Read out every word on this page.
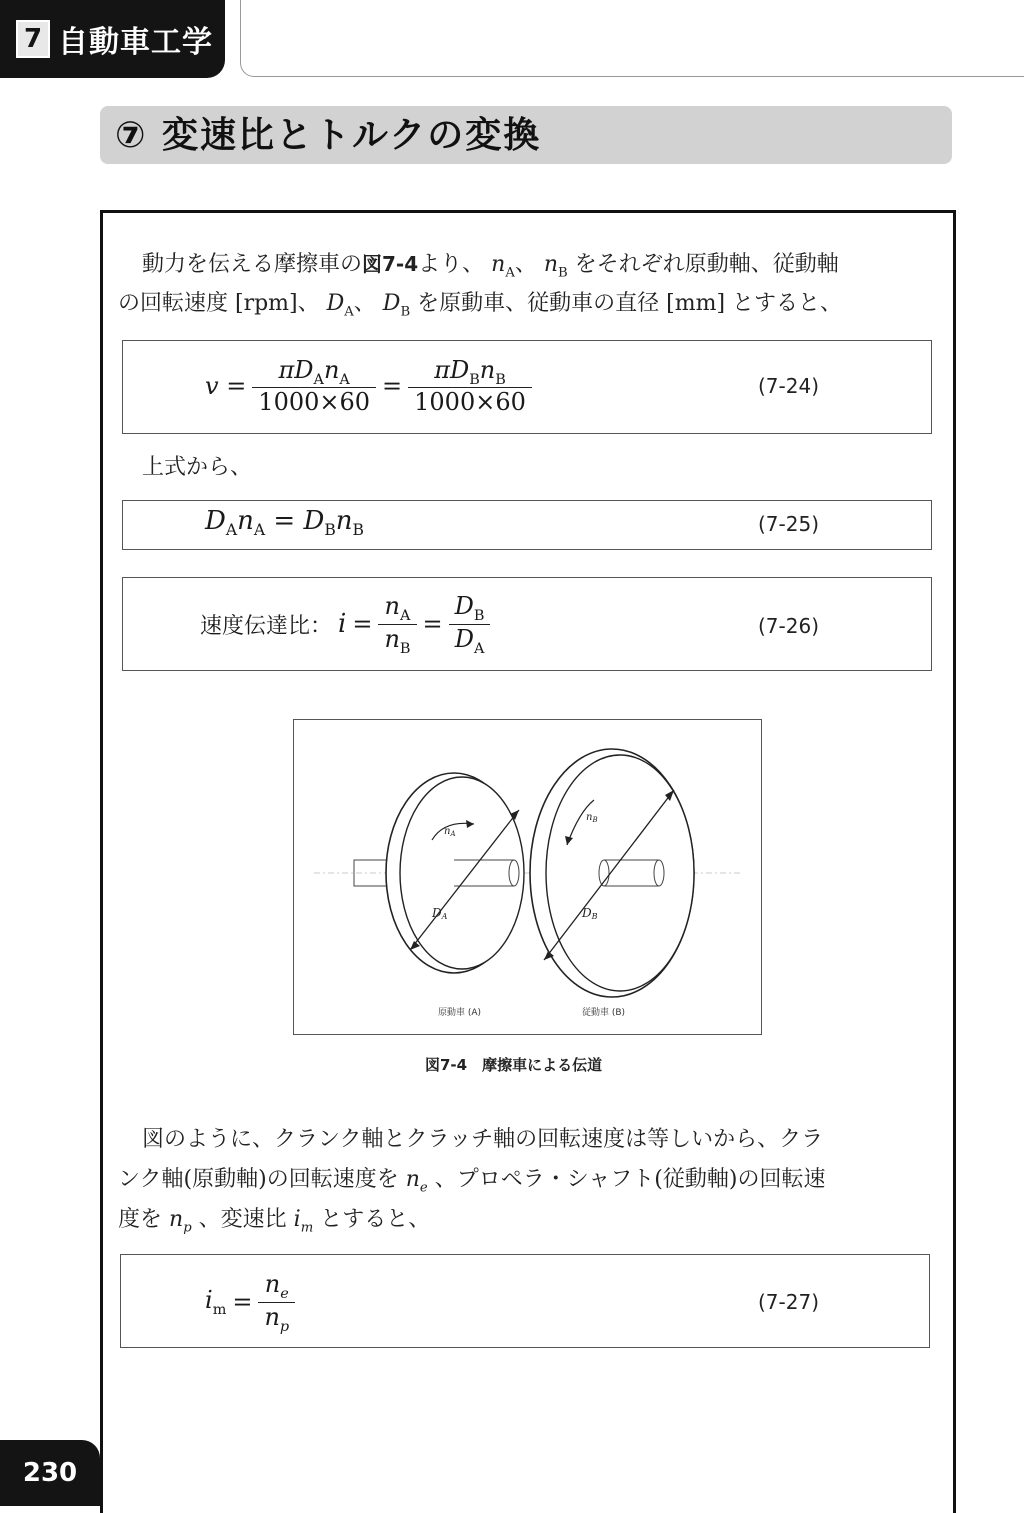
7 自動車工学
⑦ 変速比とトルクの変換
動力を伝える摩擦車の図7-4より、 $n_A$、 $n_B$ をそれぞれ原動軸、従動軸
の回転速度 [rpm]、 $D_A$、 $D_B$ を原動車、従動車の直径 [mm] とすると、
$v = \frac{\pi D_An_A}{1000\times 60} = \frac{\pi D_Bn_B}{1000\times 60}$	(7-24)
上式から、
$D_An_A = D_Bn_B$	(7-25)
速度伝達比： $i = \frac{n_A}{n_B} = \frac{D_B}{D_A}$	(7-26)
$n_A$
$n_B$
DA	DB
原動車 (A)	従動車 (B)
図7-4　摩擦車による伝道
図のように、クランク軸とクラッチ軸の回転速度は等しいから、クラ
ンク軸(原動軸)の回転速度を $n_e$ 、プロペラ・シャフト(従動軸)の回転速
度を $n_p$ 、変速比 $i_m$ とすると、
$i_m = \frac{n_e}{n_p}$	(7-27)
230
